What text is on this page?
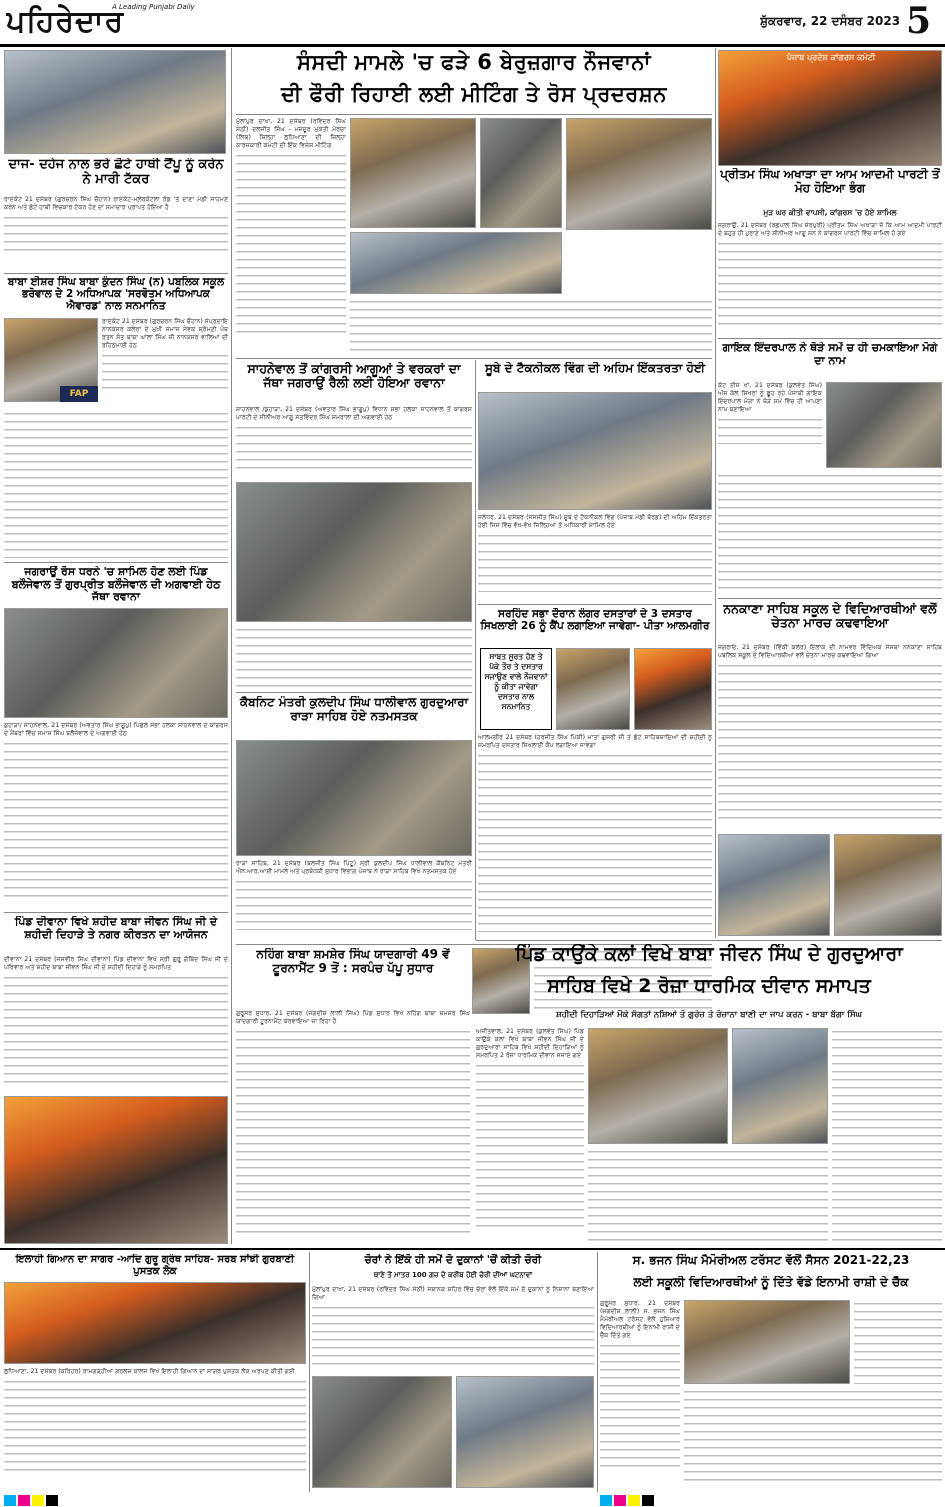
ਪਹਿਰੇਦਾਰ
A Leading Punjabi Daily
ਸ਼ੁੱਕਰਵਾਰ, 22 ਦਸੰਬਰ 2023 5
ਦਾਜ- ਦਹੇਜ ਨਾਲ ਭਰੇ ਛੋਟੇ ਹਾਥੀ ਟੈਂਪੂ ਨੂੰ ਕਰੇਨ ਨੇ ਮਾਰੀ ਟੱਕਰ
ਰਾਏਕੋਟ 21 ਦਸੰਬਰ (ਗੁਰਚਰਨ ਸਿੰਘ ਚੌਹਾਨ) ਰਾਏਕੋਟ-ਮਲੇਰਕੋਟਲਾ ਰੋਡ 'ਤੇ ਦਾਣਾ ਮੰਡੀ ਸਾਹਮਣੇ ਕਰੇਨ ਅਤੇ ਛੋਟੇ ਹਾਥੀ ਵਿਚਕਾਰ ਟੱਕਰ ਹੋਣ ਦਾ ਸਮਾਚਾਰ ਪ੍ਰਾਪਤ ਹੋਇਆ ਹੈ
ਬਾਬਾ ਈਸ਼ਰ ਸਿੰਘ ਬਾਬਾ ਕੁੰਦਨ ਸਿੰਘ (ਨ) ਪਬਲਿਕ ਸਕੂਲ ਭਰੋਵਾਲ ਦੇ 2 ਅਧਿਆਪਕ 'ਸਰਵੋਤਮ ਅਧਿਆਪਕ ਐਵਾਰਡ' ਨਾਲ ਸਨਮਾਨਿਤ
FAP
ਰਾਏਕੋਟ 21 ਦਸੰਬਰ (ਗੁਰਚਰਨ ਸਿੰਘ ਚੌਹਾਨ) ਸੰਪ੍ਰਦਾਇ ਨਾਨਕਸਰ ਕਲੇਰਾਂ ਦੇ ਮੁਖੀ ਸਮਾਜ ਸੇਵਕ ਸ਼੍ਰੋਮਣੀ ਪੰਥ ਰਤਨ ਸੰਤ ਬਾਬਾ ਘਾਲਾ ਸਿੰਘ ਜੀ ਨਾਨਕਸਰ ਵਾਲਿਆਂ ਦੀ ਰਹਿਨੁਮਾਈ ਹੇਠ
ਜਗਰਾਉਂ ਰੋਸ ਧਰਨੇ 'ਚ ਸ਼ਾਮਿਲ ਹੋਣ ਲਈ ਪਿੰਡ ਬਲੌਜੇਵਾਲ ਤੋਂ ਗੁਰਪ੍ਰੀਤ ਬਲੌਜੇਵਾਲ ਦੀ ਅਗਵਾਈ ਹੇਠ ਜੱਥਾ ਰਵਾਨਾ
ਕੁਹਾੜਾ/ ਸਾਹਨੇਵਾਲ, 21 ਦਸੰਬਰ (ਅਵਤਾਰ ਸਿੰਘ ਭਾਗੂਪੁ) ਪਿਛਲੇ ਸਭਾ ਹਲਕਾ ਸਾਹਨੇਵਾਲ ਦੇ ਕਾਂਗਰਸ ਦੇ ਮੈਂਬਰਾਂ ਵਿੱਚ ਸਮਾਜ ਸਿੰਘ ਬਲੌਜੇਵਾਲ ਦੇ ਅਗਵਾਈ ਹੇਠ
ਪਿੰਡ ਦੀਵਾਨਾ ਵਿਖੇ ਸ਼ਹੀਦ ਬਾਬਾ ਜੀਵਨ ਸਿੰਘ ਜੀ ਦੇ ਸ਼ਹੀਦੀ ਦਿਹਾੜੇ ਤੇ ਨਗਰ ਕੀਰਤਨ ਦਾ ਆਯੋਜਨ
ਦੀਵਾਨਾ 21 ਦਸੰਬਰ (ਜਸਵੀਰ ਸਿੰਘ ਦੀਵਾਨਾ) ਪਿੰਡ ਦੀਵਾਨਾ ਵਿਖੇ ਸ੍ਰੀ ਗੁਰੂ ਗੋਬਿੰਦ ਸਿੰਘ ਜੀ ਦੇ ਪਰਿਵਾਰ ਅਤੇ ਸ਼ਹੀਦ ਬਾਬਾ ਜੀਵਨ ਸਿੰਘ ਜੀ ਦੇ ਸ਼ਹੀਦੀ ਦਿਹਾੜੇ ਨੂੰ ਸਮਰਪਿਤ
ਸੰਸਦੀ ਮਾਮਲੇ 'ਚ ਫੜੇ 6 ਬੇਰੁਜ਼ਗਾਰ ਨੌਜਵਾਨਾਂ
ਦੀ ਫੌਰੀ ਰਿਹਾਈ ਲਈ ਮੀਟਿੰਗ ਤੇ ਰੋਸ ਪ੍ਰਦਰਸ਼ਨ
ਮੁੱਲਾਂਪੁਰ ਦਾਖਾ, 21 ਦਸੰਬਰ (ਰਵਿੰਦਰ ਸਿੰਘ ਸੇਠੀ) ਦਲਜੀਤ ਸਿੰਘ - ਮਜ਼ਦੂਰ ਮੁਕਤੀ ਮੋਰਚਾ (ਲਿਬ) ਜ਼ਿਲ੍ਹਾ ਲੁਧਿਆਣਾ ਦੀ ਜ਼ਿਲ੍ਹਾ ਕਾਰਜਕਾਰੀ ਕਮੇਟੀ ਦੀ ਇੱਕ ਵਿਸ਼ੇਸ਼ ਮੀਟਿੰਗ
ਸਾਹਨੇਵਾਲ ਤੋਂ ਕਾਂਗਰਸੀ ਆਗੂਆਂ ਤੇ ਵਰਕਰਾਂ ਦਾ ਜੱਥਾ ਜਗਰਾਉਂ ਰੈਲੀ ਲਈ ਹੋਇਆ ਰਵਾਨਾ
ਸਾਹਨੇਵਾਲ /ਕੁਹਾੜਾ, 21 ਦਸੰਬਰ (ਅਵਤਾਰ ਸਿੰਘ ਭਾਗੂਪੁ) ਵਿਧਾਨ ਸਭਾ ਹਲਕਾ ਸਾਹਨੇਵਾਲ ਤੋਂ ਕਾਂਗਰਸ ਪਾਰਟੀ ਦੇ ਸੀਨੀਅਰ ਆਗੂ ਸਤਵਿੰਦਰ ਸਿੰਘ ਸਮਰਾਲਾ ਦੀ ਅਗਵਾਈ ਹੇਠ
ਕੈਬਨਿਟ ਮੰਤਰੀ ਕੁਲਦੀਪ ਸਿੰਘ ਧਾਲੀਵਾਲ ਗੁਰਦੁਆਰਾ ਰਾੜਾ ਸਾਹਿਬ ਹੋਏ ਨਤਮਸਤਕ
ਰਾੜਾ ਸਾਹਿਬ, 21 ਦਸੰਬਰ (ਬਲਜੀਤ ਸਿੰਘ ਪਿੰਟੂ) ਸ੍ਰੀ ਕੁਲਦੀਪ ਸਿੰਘ ਧਾਲੀਵਾਲ ਕੈਬਨਿਟ ਮੰਤਰੀ ਐਨ.ਆਰ.ਆਈ ਮਾਮਲੇ ਅਤੇ ਪ੍ਰਬੰਧਕੀ ਸੁਧਾਰ ਵਿਭਾਗ ਪੰਜਾਬ ਨੇ ਰਾੜਾ ਸਾਹਿਬ ਵਿਖੇ ਨਤਮਸਤਕ ਹੋਏ
ਸੂਬੇ ਦੇ ਟੈਕਨੀਕਲ ਵਿੰਗ ਦੀ ਅਹਿਮ ਇੱਕਤਰਤਾ ਹੋਈ
ਜਲੰਧਰ, 21 ਦਸੰਬਰ (ਜਸਜੀਤ ਸਿੰਘ) ਸੂਬੇ ਦੇ ਟੈਕਨੀਕਲ ਵਿੰਗ (ਪੰਜਾਬ ਮੰਡੀ ਬੋਰਡ) ਦੀ ਅਹਿਮ ਇੱਕਤਰਤਾ ਹੋਈ ਜਿਸ ਵਿੱਚ ਵੱਖ-ਵੱਖ ਜ਼ਿਲ੍ਹਿਆਂ ਤੋਂ ਅਧਿਕਾਰੀ ਸ਼ਾਮਿਲ ਹੋਏ
ਸਰਹਿੰਦ ਸਭਾ ਦੌਰਾਨ ਲੰਗਰ ਦਸਤਾਰਾਂ ਦੇ 3 ਦਸਤਾਰ ਸਿਖਲਾਈ 26 ਨੂੰ ਕੈਂਪ ਲਗਾਇਆ ਜਾਵੇਗਾ- ਪੀਤਾ ਆਲਮਗੀਰ
ਸਾਬਤ ਸੂਰਤ ਹੋਣ ਤੇ ਪੱਕੇ ਤੌਰ ਤੇ ਦਸਤਾਰ ਸਜਾਉਣ ਵਾਲੇ ਨੌਜਵਾਨਾਂ ਨੂੰ ਕੀਤਾ ਜਾਵੇਗਾ ਦਸਤਾਰ ਨਾਲ ਸਨਮਾਨਿਤ
ਆਲਮਗੀਰ 21 ਦਸੰਬਰ (ਹਰਜੀਤ ਸਿੰਘ ਪਿੰਕੀ) ਮਾਤਾ ਗੁਜਰੀ ਜੀ ਤੇ ਛੋਟੇ ਸਾਹਿਬਜ਼ਾਦਿਆਂ ਦੀ ਸ਼ਹੀਦੀ ਨੂੰ ਸਮਰਪਿਤ ਦਸਤਾਰ ਸਿਖਲਾਈ ਕੈਂਪ ਲਗਾਇਆ ਜਾਵੇਗਾ
ਨਹਿੰਗ ਬਾਬਾ ਸ਼ਮਸ਼ੇਰ ਸਿੰਘ ਯਾਦਗਾਰੀ 49 ਵੇਂ ਟੂਰਨਾਮੈਂਟ 9 ਤੋਂ : ਸਰਪੰਚ ਪੱਪੂ ਸੁਧਾਰ
ਗੁਰੂਸਰ ਸੁਧਾਰ, 21 ਦਸੰਬਰ (ਜਗਦੀਸ਼ ਲਾਲੀ ਸਿੰਘ) ਪਿੰਡ ਸੁਧਾਰ ਵਿਖੇ ਨਹਿੰਗ ਬਾਬਾ ਸ਼ਮਸ਼ੇਰ ਸਿੰਘ ਯਾਦਗਾਰੀ ਟੂਰਨਾਮੈਂਟ ਕਰਵਾਇਆ ਜਾ ਰਿਹਾ ਹੈ
ਪੰਜਾਬ ਪ੍ਰਦੇਸ਼ ਕਾਂਗਰਸ ਕਮੇਟੀ
ਪ੍ਰੀਤਮ ਸਿੰਘ ਅਖਾੜਾ ਦਾ ਆਮ ਆਦਮੀ ਪਾਰਟੀ ਤੋਂ ਮੋਹ ਹੋਇਆ ਭੰਗ
ਮੁੜ ਘਰ ਕੀਤੀ ਵਾਪਸੀ, ਕਾਂਗਰਸ 'ਚ ਹੋਏ ਸ਼ਾਮਿਲ
ਜਗਰਾਉਂ, 21 ਦਸੰਬਰ (ਰਛਪਾਲ ਸਿੰਘ ਸ਼ੇਰਪੁਰੀ) ਪ੍ਰੀਤਮ ਸਿੰਘ ਅਖਾੜਾ ਜੋ ਕਿ ਆਮ ਆਦਮੀ ਪਾਰਟੀ ਦੇ ਬਹੁਤ ਹੀ ਪੁਰਾਣੇ ਅਤੇ ਸੀਨੀਅਰ ਆਗੂ ਸਨ ਨੇ ਕਾਂਗਰਸ ਪਾਰਟੀ ਵਿੱਚ ਸ਼ਾਮਿਲ ਹੋ ਗਏ
ਗਾਇਕ ਇੰਦਰਪਾਲ ਨੇ ਥੋੜੇ ਸਮੇਂ ਚ ਹੀ ਚਮਕਾਇਆ ਮੋਗੇ ਦਾ ਨਾਮ
ਕੋਟ ਈਸੇ ਖਾਂ, 21 ਦਸੰਬਰ (ਕੁਲਵੰਤ ਸਿੰਘ) ਅੱਜ ਕੱਲ ਸਿਖਰਾਂ ਨੂੰ ਛੂਹ ਰਹੇ ਪੰਜਾਬੀ ਗਾਇਕ ਇੰਦਰਪਾਲ ਮੋਗਾ ਨੇ ਥੋੜੇ ਸਮੇਂ ਵਿੱਚ ਹੀ ਆਪਣਾ ਨਾਮ ਬਣਾਇਆ
ਨਨਕਾਣਾ ਸਾਹਿਬ ਸਕੂਲ ਦੇ ਵਿਦਿਆਰਥੀਆਂ ਵਲੋਂ ਚੇਤਨਾ ਮਾਰਚ ਕਢਵਾਇਆ
ਜਗਰਾਓ, 21 ਦਸੰਬਰ (ਵਿੱਕੀ ਕਲੇਰ) ਇਲਾਕੇ ਦੀ ਨਾਮਵਰ ਵਿੱਦਿਅਕ ਸੰਸਥਾ ਨਨਕਾਣਾ ਸਾਹਿਬ ਪਬਲਿਕ ਸਕੂਲ ਦੇ ਵਿਦਿਆਰਥੀਆਂ ਵਲੋਂ ਚੇਤਨਾ ਮਾਰਚ ਕਢਵਾਇਆ ਗਿਆ
ਪਿੰਡ ਕਾਉਂਕੇ ਕਲਾਂ ਵਿਖੇ ਬਾਬਾ ਜੀਵਨ ਸਿੰਘ ਦੇ ਗੁਰਦੁਆਰਾ
ਸਾਹਿਬ ਵਿਖੇ 2 ਰੋਜ਼ਾ ਧਾਰਮਿਕ ਦੀਵਾਨ ਸਮਾਪਤ
ਸ਼ਹੀਦੀ ਦਿਹਾੜਿਆਂ ਮੌਕੇ ਸੰਗਤਾਂ ਨਸ਼ਿਆਂ ਤੋ ਗੁਰੇਜ਼ ਤੇ ਰੋਜ਼ਾਨਾ ਬਾਣੀ ਦਾ ਜਾਪ ਕਰਨ - ਬਾਬਾ ਬੱਗਾ ਸਿੰਘ
ਅਜੀਤਵਾਲ, 21 ਦਸੰਬਰ (ਕੁਲਵੰਤ ਸਿੰਘ) ਪਿੰਡ ਕਾਉਂਕੇ ਕਲਾਂ ਵਿਖੇ ਬਾਬਾ ਜੀਵਨ ਸਿੰਘ ਜੀ ਦੇ ਗੁਰਦੁਆਰਾ ਸਾਹਿਬ ਵਿਖੇ ਸ਼ਹੀਦੀ ਦਿਹਾੜਿਆਂ ਨੂੰ ਸਮਰਪਿਤ 2 ਰੋਜ਼ਾ ਧਾਰਮਿਕ ਦੀਵਾਨ ਸਜਾਏ ਗਏ
ਇਲਾਹੀ ਗਿਆਨ ਦਾ ਸਾਗਰ -ਆਦਿ ਗੁਰੂ ਗ੍ਰੰਥ ਸਾਹਿਬ- ਸਰਬ ਸਾਂਝੀ ਗੁਰਬਾਣੀ ਪੁਸਤਕ ਲੋਕ
ਲੁਧਿਆਣਾ, 21 ਦਸੰਬਰ (ਕਰਿਹਰ) ਰਾਮਗੜ੍ਹੀਆ ਗਰਲਜ਼ ਕਾਲਜ ਵਿਖੇ ਇਲਾਹੀ ਗਿਆਨ ਦਾ ਸਾਗਰ ਪੁਸਤਕ ਲੋਕ ਅਰਪਣ ਕੀਤੀ ਗਈ
ਚੋਰਾਂ ਨੇ ਇੱਕੋ ਹੀ ਸਮੇਂ ਦੋ ਦੁਕਾਨਾਂ 'ਚੋਂ ਕੀਤੀ ਚੋਰੀ
ਥਾਣੇ ਤੋਂ ਮਾਤਰ 100 ਗਜ਼ ਦੇ ਕਰੀਬ ਹੋਈ ਚੋਰੀ ਦੀਆਂ ਘਟਨਾਵਾਂ
ਮੁੱਲਾਂਪੁਰ ਦਾਖਾ, 21 ਦਸੰਬਰ (ਰਵਿੰਦਰ ਸਿੰਘ ਸੇਠੀ) ਸਥਾਨਕ ਸ਼ਹਿਰ ਵਿੱਚ ਚੋਰਾਂ ਵੱਲੋਂ ਇੱਕੋ ਸਮੇਂ ਦੋ ਦੁਕਾਨਾਂ ਨੂੰ ਨਿਸ਼ਾਨਾ ਬਣਾਇਆ ਗਿਆ
ਸ. ਭਜਨ ਸਿੰਘ ਮੈਮੋਰੀਅਲ ਟਰੱਸਟ ਵੱਲੋਂ ਸੈਸਨ 2021-22,23
ਲਈ ਸਕੂਲੀ ਵਿਦਿਆਰਥੀਆਂ ਨੂੰ ਦਿੱਤੇ ਵੱਡੇ ਇਨਾਮੀ ਰਾਸ਼ੀ ਦੇ ਚੈੱਕ
ਗੁਰੂਸਰ ਸੁਧਾਰ, 21 ਦਸੰਬਰ (ਜਗਦੀਸ਼ ਲਾਲੀ) ਸ. ਭਜਨ ਸਿੰਘ ਮੈਮੋਰੀਅਲ ਟਰੱਸਟ ਵੱਲੋਂ ਹੁਸ਼ਿਆਰ ਵਿਦਿਆਰਥੀਆਂ ਨੂੰ ਇਨਾਮੀ ਰਾਸ਼ੀ ਦੇ ਚੈੱਕ ਦਿੱਤੇ ਗਏ
